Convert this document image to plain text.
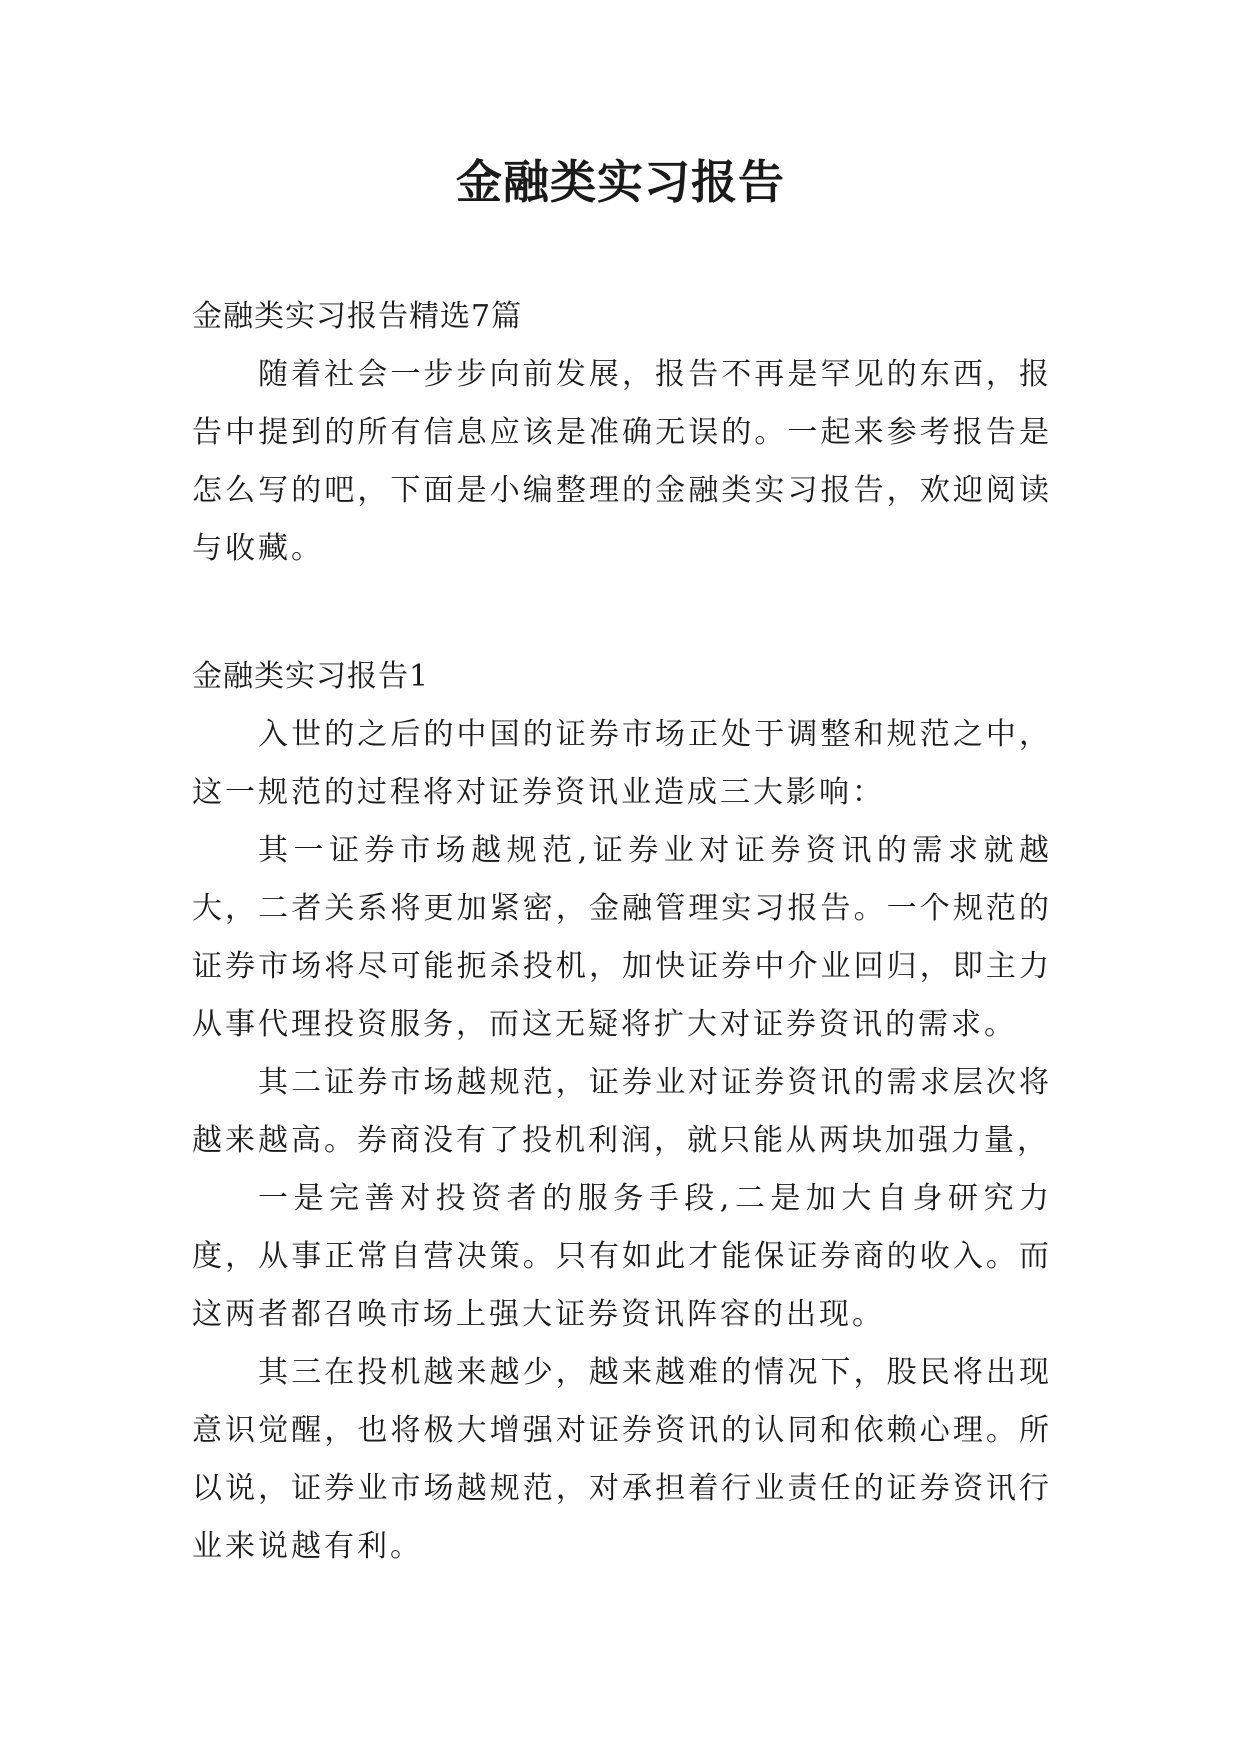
金融类实习报告

金融类实习报告精选7篇

随着社会一步步向前发展，报告不再是罕见的东西，报告中提到的所有信息应该是准确无误的。一起来参考报告是怎么写的吧，下面是小编整理的金融类实习报告，欢迎阅读与收藏。

金融类实习报告1

入世的之后的中国的证券市场正处于调整和规范之中，这一规范的过程将对证券资讯业造成三大影响：

其一证券市场越规范,证券业对证券资讯的需求就越大，二者关系将更加紧密，金融管理实习报告。一个规范的证券市场将尽可能扼杀投机，加快证券中介业回归，即主力从事代理投资服务，而这无疑将扩大对证券资讯的需求。

其二证券市场越规范，证券业对证券资讯的需求层次将越来越高。券商没有了投机利润，就只能从两块加强力量，

一是完善对投资者的服务手段,二是加大自身研究力度，从事正常自营决策。只有如此才能保证券商的收入。而这两者都召唤市场上强大证券资讯阵容的出现。

其三在投机越来越少，越来越难的情况下，股民将出现意识觉醒，也将极大增强对证券资讯的认同和依赖心理。所以说，证券业市场越规范，对承担着行业责任的证券资讯行业来说越有利。
